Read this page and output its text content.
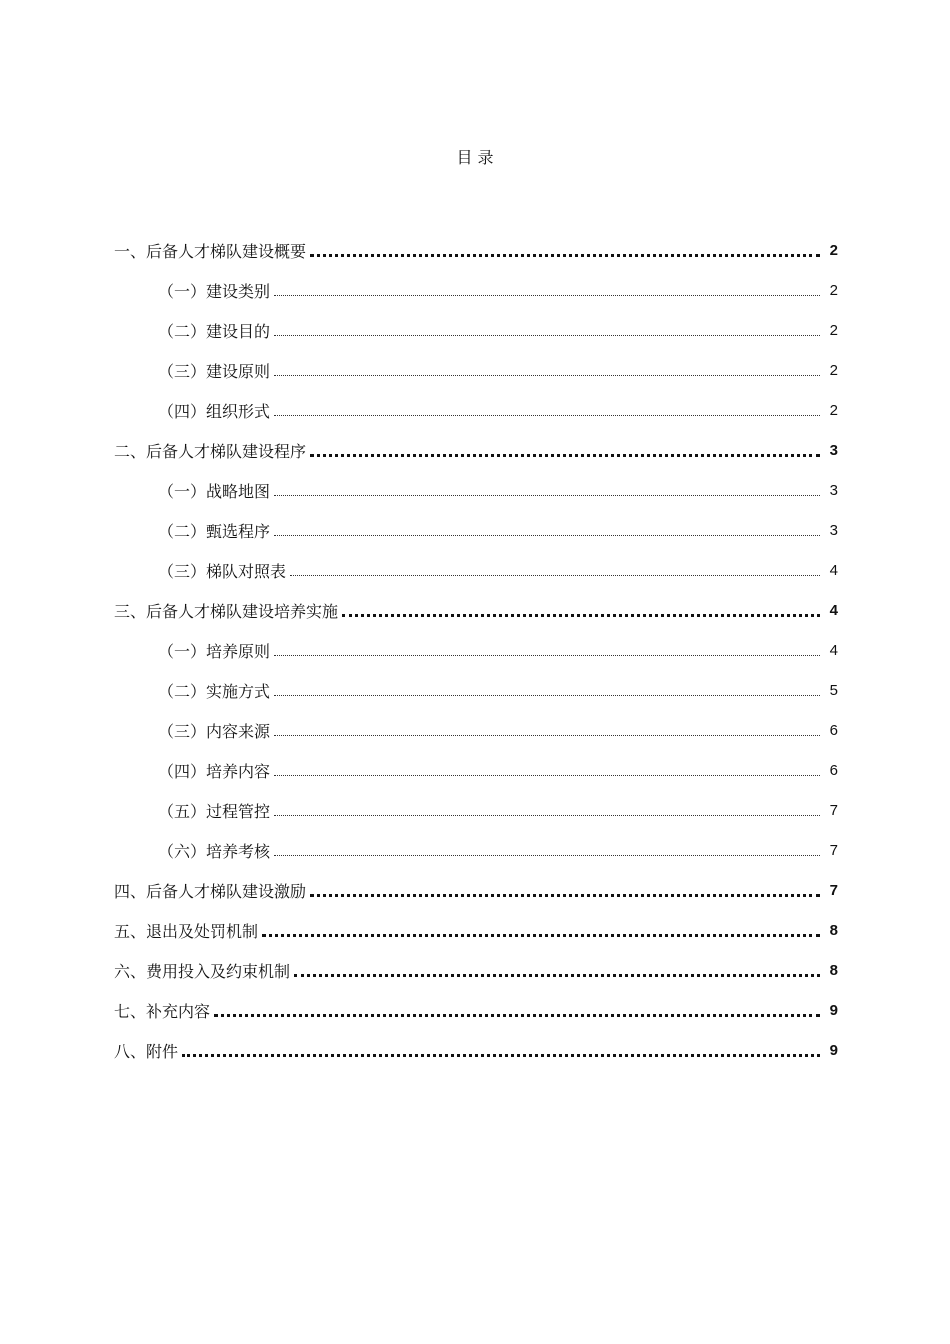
目 录
一、后备人才梯队建设概要	2
（一）建设类别	2
（二）建设目的	2
（三）建设原则	2
（四）组织形式	2
二、后备人才梯队建设程序	3
（一）战略地图	3
（二）甄选程序	3
（三）梯队对照表	4
三、后备人才梯队建设培养实施	4
（一）培养原则	4
（二）实施方式	5
（三）内容来源	6
（四）培养内容	6
（五）过程管控	7
（六）培养考核	7
四、后备人才梯队建设激励	7
五、退出及处罚机制	8
六、费用投入及约束机制	8
七、补充内容	9
八、附件	9
